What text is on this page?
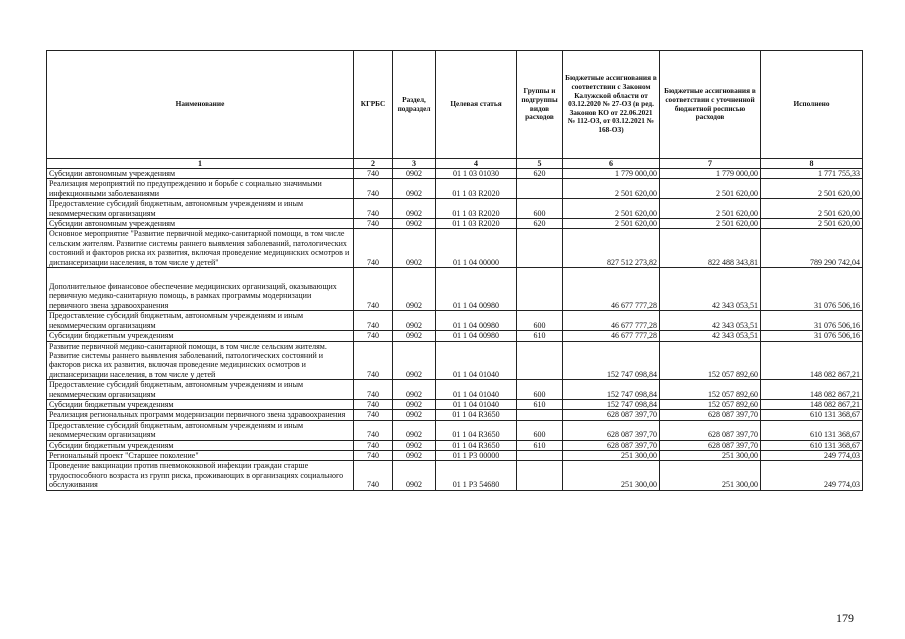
Наименование	КГРБС	Раздел, подраздел	Целевая статья	Группы и подгруппы видов расходов	Бюджетные ассигнования в соответствии с Законом Калужской области от 03.12.2020 № 27-ОЗ (в ред. Законов КО от 22.06.2021 № 112-ОЗ, от 03.12.2021 № 168-ОЗ)	Бюджетные ассигнования в соответствии с уточненной бюджетной росписью расходов	Исполнено
1	2	3	4	5	6	7	8
Субсидии автономным учреждениям	740	0902	01 1 03 01030	620	1 779 000,00	1 779 000,00	1 771 755,33
Реализация мероприятий по предупреждению и борьбе с социально значимыми инфекционными заболеваниями	740	0902	01 1 03 R2020		2 501 620,00	2 501 620,00	2 501 620,00
Предоставление субсидий бюджетным, автономным учреждениям и иным некоммерческим организациям	740	0902	01 1 03 R2020	600	2 501 620,00	2 501 620,00	2 501 620,00
Субсидии автономным учреждениям	740	0902	01 1 03 R2020	620	2 501 620,00	2 501 620,00	2 501 620,00
Основное мероприятие "Развитие первичной медико-санитарной помощи, в том числе сельским жителям. Развитие системы раннего выявления заболеваний, патологических состояний и факторов риска их развития, включая проведение медицинских осмотров и диспансеризации населения, в том числе у детей"	740	0902	01 1 04 00000		827 512 273,82	822 488 343,81	789 290 742,04
Дополнительное финансовое обеспечение медицинских организаций, оказывающих первичную медико-санитарную помощь, в рамках программы модернизации первичного звена здравоохранения	740	0902	01 1 04 00980		46 677 777,28	42 343 053,51	31 076 506,16
Предоставление субсидий бюджетным, автономным учреждениям и иным некоммерческим организациям	740	0902	01 1 04 00980	600	46 677 777,28	42 343 053,51	31 076 506,16
Субсидии бюджетным учреждениям	740	0902	01 1 04 00980	610	46 677 777,28	42 343 053,51	31 076 506,16
Развитие первичной медико-санитарной помощи, в том числе сельским жителям. Развитие системы раннего выявления заболеваний, патологических состояний и факторов риска их развития, включая проведение медицинских осмотров и диспансеризации населения, в том числе у детей	740	0902	01 1 04 01040		152 747 098,84	152 057 892,60	148 082 867,21
Предоставление субсидий бюджетным, автономным учреждениям и иным некоммерческим организациям	740	0902	01 1 04 01040	600	152 747 098,84	152 057 892,60	148 082 867,21
Субсидии бюджетным учреждениям	740	0902	01 1 04 01040	610	152 747 098,84	152 057 892,60	148 082 867,21
Реализация региональных программ модернизации первичного звена здравоохранения	740	0902	01 1 04 R3650		628 087 397,70	628 087 397,70	610 131 368,67
Предоставление субсидий бюджетным, автономным учреждениям и иным некоммерческим организациям	740	0902	01 1 04 R3650	600	628 087 397,70	628 087 397,70	610 131 368,67
Субсидии бюджетным учреждениям	740	0902	01 1 04 R3650	610	628 087 397,70	628 087 397,70	610 131 368,67
Региональный проект "Старшее поколение"	740	0902	01 1 P3 00000		251 300,00	251 300,00	249 774,03
Проведение вакцинации против пневмококковой инфекции граждан старше трудоспособного возраста из групп риска, проживающих в организациях социального обслуживания	740	0902	01 1 P3 54680		251 300,00	251 300,00	249 774,03
179
